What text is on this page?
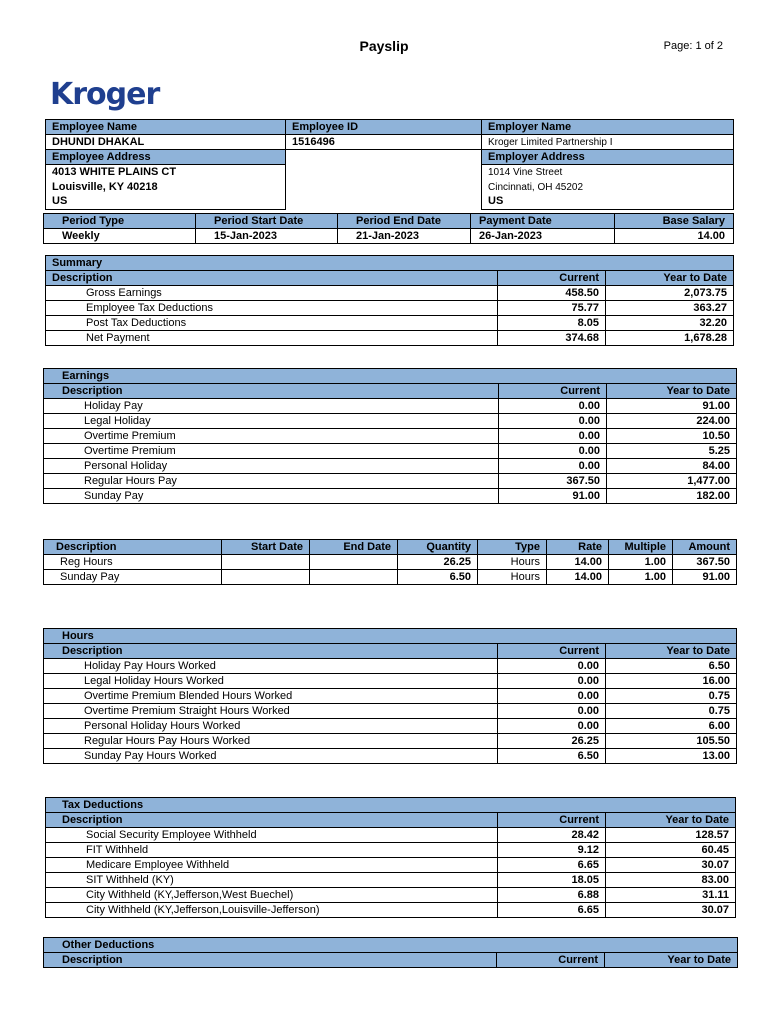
Payslip	Page: 1 of 2
Kroger
Employee Name	Employee ID	Employer Name
DHUNDI DHAKAL	1516496	Kroger Limited Partnership I
Employee Address		Employer Address
4013 WHITE PLAINS CT		1014 Vine Street
Louisville, KY 40218		Cincinnati, OH 45202
US		US
Period Type	Period Start Date	Period End Date	Payment Date	Base Salary
Weekly	15-Jan-2023	21-Jan-2023	26-Jan-2023	14.00
Summary		
Description	Current	Year to Date
Gross Earnings	458.50	2,073.75
Employee Tax Deductions	75.77	363.27
Post Tax Deductions	8.05	32.20
Net Payment	374.68	1,678.28
Earnings		
Description	Current	Year to Date
Holiday Pay	0.00	91.00
Legal Holiday	0.00	224.00
Overtime Premium	0.00	10.50
Overtime Premium	0.00	5.25
Personal Holiday	0.00	84.00
Regular Hours Pay	367.50	1,477.00
Sunday Pay	91.00	182.00
Description	Start Date	End Date	Quantity	Type	Rate	Multiple	Amount
Reg Hours			26.25	Hours	14.00	1.00	367.50
Sunday Pay			6.50	Hours	14.00	1.00	91.00
Hours		
Description	Current	Year to Date
Holiday Pay Hours Worked	0.00	6.50
Legal Holiday Hours Worked	0.00	16.00
Overtime Premium Blended Hours Worked	0.00	0.75
Overtime Premium Straight Hours Worked	0.00	0.75
Personal Holiday Hours Worked	0.00	6.00
Regular Hours Pay Hours Worked	26.25	105.50
Sunday Pay Hours Worked	6.50	13.00
Tax Deductions		
Description	Current	Year to Date
Social Security Employee Withheld	28.42	128.57
FIT Withheld	9.12	60.45
Medicare Employee Withheld	6.65	30.07
SIT Withheld (KY)	18.05	83.00
City Withheld (KY,Jefferson,West Buechel)	6.88	31.11
City Withheld (KY,Jefferson,Louisville-Jefferson)	6.65	30.07
Other Deductions
Description	Current	Year to Date
